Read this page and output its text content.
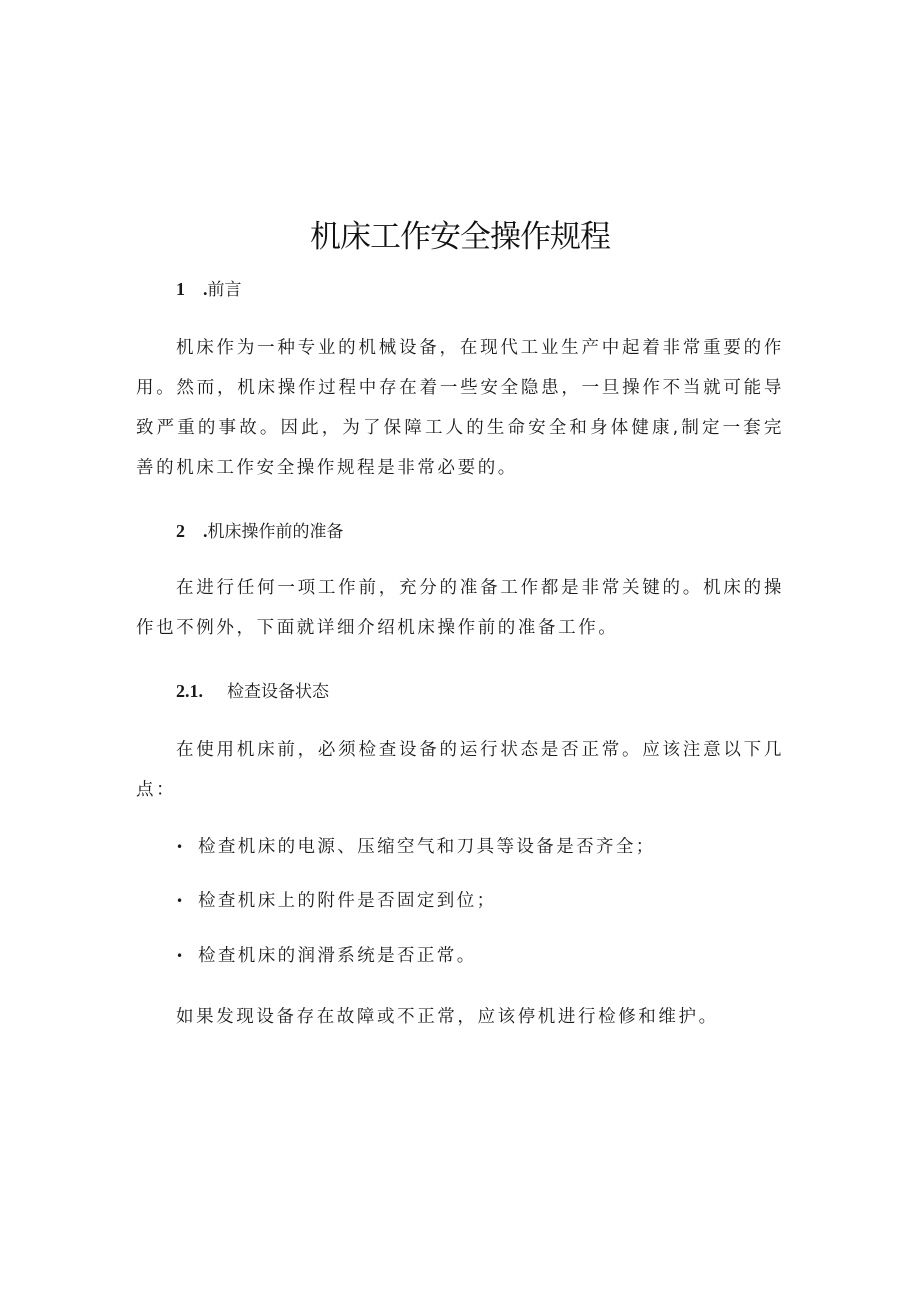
机床工作安全操作规程
1 .前言
机床作为一种专业的机械设备，在现代工业生产中起着非常重要的作用。然而，机床操作过程中存在着一些安全隐患，一旦操作不当就可能导致严重的事故。因此，为了保障工人的生命安全和身体健康,制定一套完善的机床工作安全操作规程是非常必要的。
2 .机床操作前的准备
在进行任何一项工作前，充分的准备工作都是非常关键的。机床的操作也不例外，下面就详细介绍机床操作前的准备工作。
2.1. 检查设备状态
在使用机床前，必须检查设备的运行状态是否正常。应该注意以下几点：
• 检查机床的电源、压缩空气和刀具等设备是否齐全；
• 检查机床上的附件是否固定到位；
• 检查机床的润滑系统是否正常。
如果发现设备存在故障或不正常，应该停机进行检修和维护。
